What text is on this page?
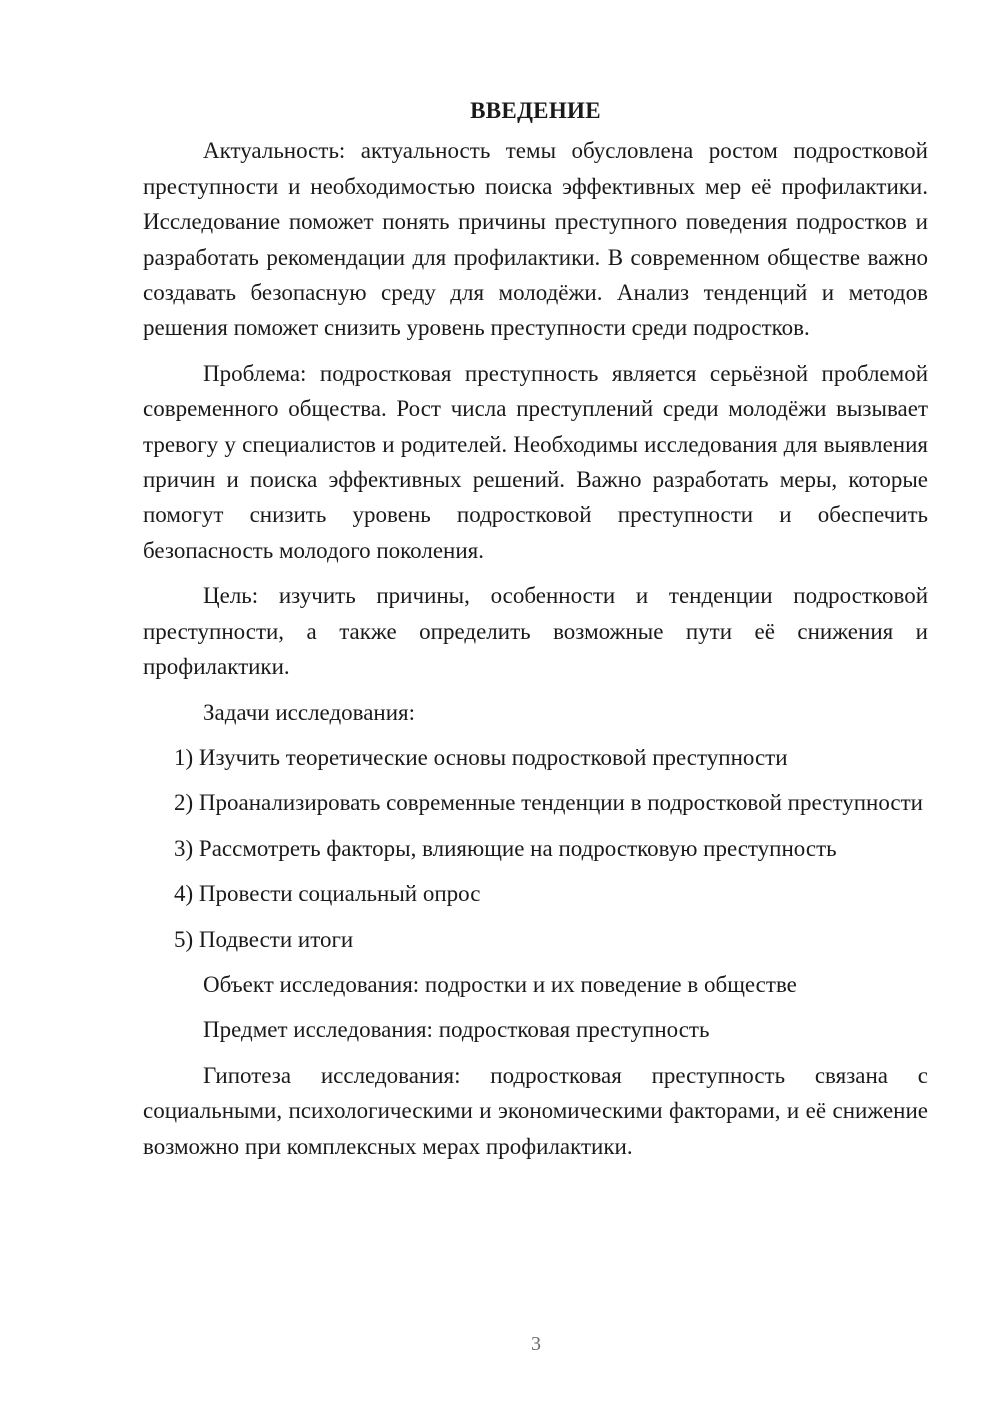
ВВЕДЕНИЕ

Актуальность: актуальность темы обусловлена ростом подростковой преступности и необходимостью поиска эффективных мер её профилактики. Исследование поможет понять причины преступного поведения подростков и разработать рекомендации для профилактики. В современном обществе важно создавать безопасную среду для молодёжи. Анализ тенденций и методов решения поможет снизить уровень преступности среди подростков.

Проблема: подростковая преступность является серьёзной проблемой современного общества. Рост числа преступлений среди молодёжи вызывает тревогу у специалистов и родителей. Необходимы исследования для выявления причин и поиска эффективных решений. Важно разработать меры, которые помогут снизить уровень подростковой преступности и обеспечить безопасность молодого поколения.

Цель: изучить причины, особенности и тенденции подростковой преступности, а также определить возможные пути её снижения и профилактики.

Задачи исследования:

1) Изучить теоретические основы подростковой преступности

2) Проанализировать современные тенденции в подростковой преступности

3) Рассмотреть факторы, влияющие на подростковую преступность

4) Провести социальный опрос

5) Подвести итоги

Объект исследования: подростки и их поведение в обществе

Предмет исследования: подростковая преступность

Гипотеза исследования: подростковая преступность связана с социальными, психологическими и экономическими факторами, и её снижение возможно при комплексных мерах профилактики.

3
